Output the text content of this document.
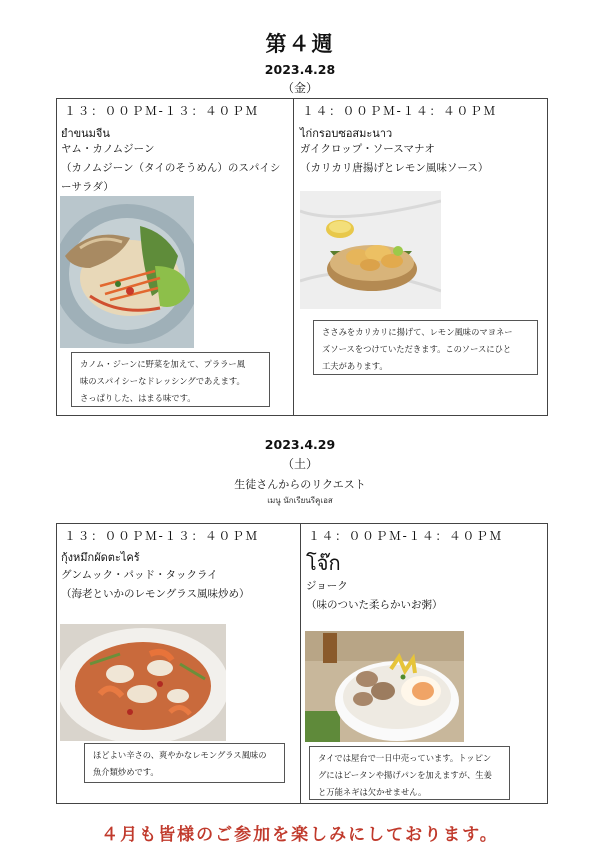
第４週
2023.4.28
（金）
１３：００ＰＭ-１３：４０ＰＭ
ยำขนมจีน
ヤム・カノムジーン
（カノムジーン（タイのそうめん）のスパイシ
ーサラダ）
カノム・ジーンに野菜を加えて、プララー風
味のスパイシーなドレッシングであえます。
さっぱりした、はまる味です。
１４：００ＰＭ-１４：４０ＰＭ
ไก่กรอบซอสมะนาว
ガイクロップ・ソースマナオ
（カリカリ唐揚げとレモン風味ソース）
ささみをカリカリに揚げて、レモン風味のマヨネー
ズソースをつけていただきます。このソースにひと
工夫があります。
2023.4.29
（土）
生徒さんからのリクエスト
เมนู นักเรียนรีคูเอส
１３：００ＰＭ-１３：４０ＰＭ
กุ้งหมึกผัดตะไคร้
グンムック・パッド・タックライ
（海老といかのレモングラス風味炒め）
ほどよい辛さの、爽やかなレモングラス風味の
魚介類炒めです。
１４：００ＰＭ-１４：４０ＰＭ
โจ๊ก
ジョーク
（味のついた柔らかいお粥）
タイでは屋台で一日中売っています。トッピン
グにはピータンや揚げパンを加えますが、生姜
と万能ネギは欠かせません。
４月も皆様のご参加を楽しみにしております。
